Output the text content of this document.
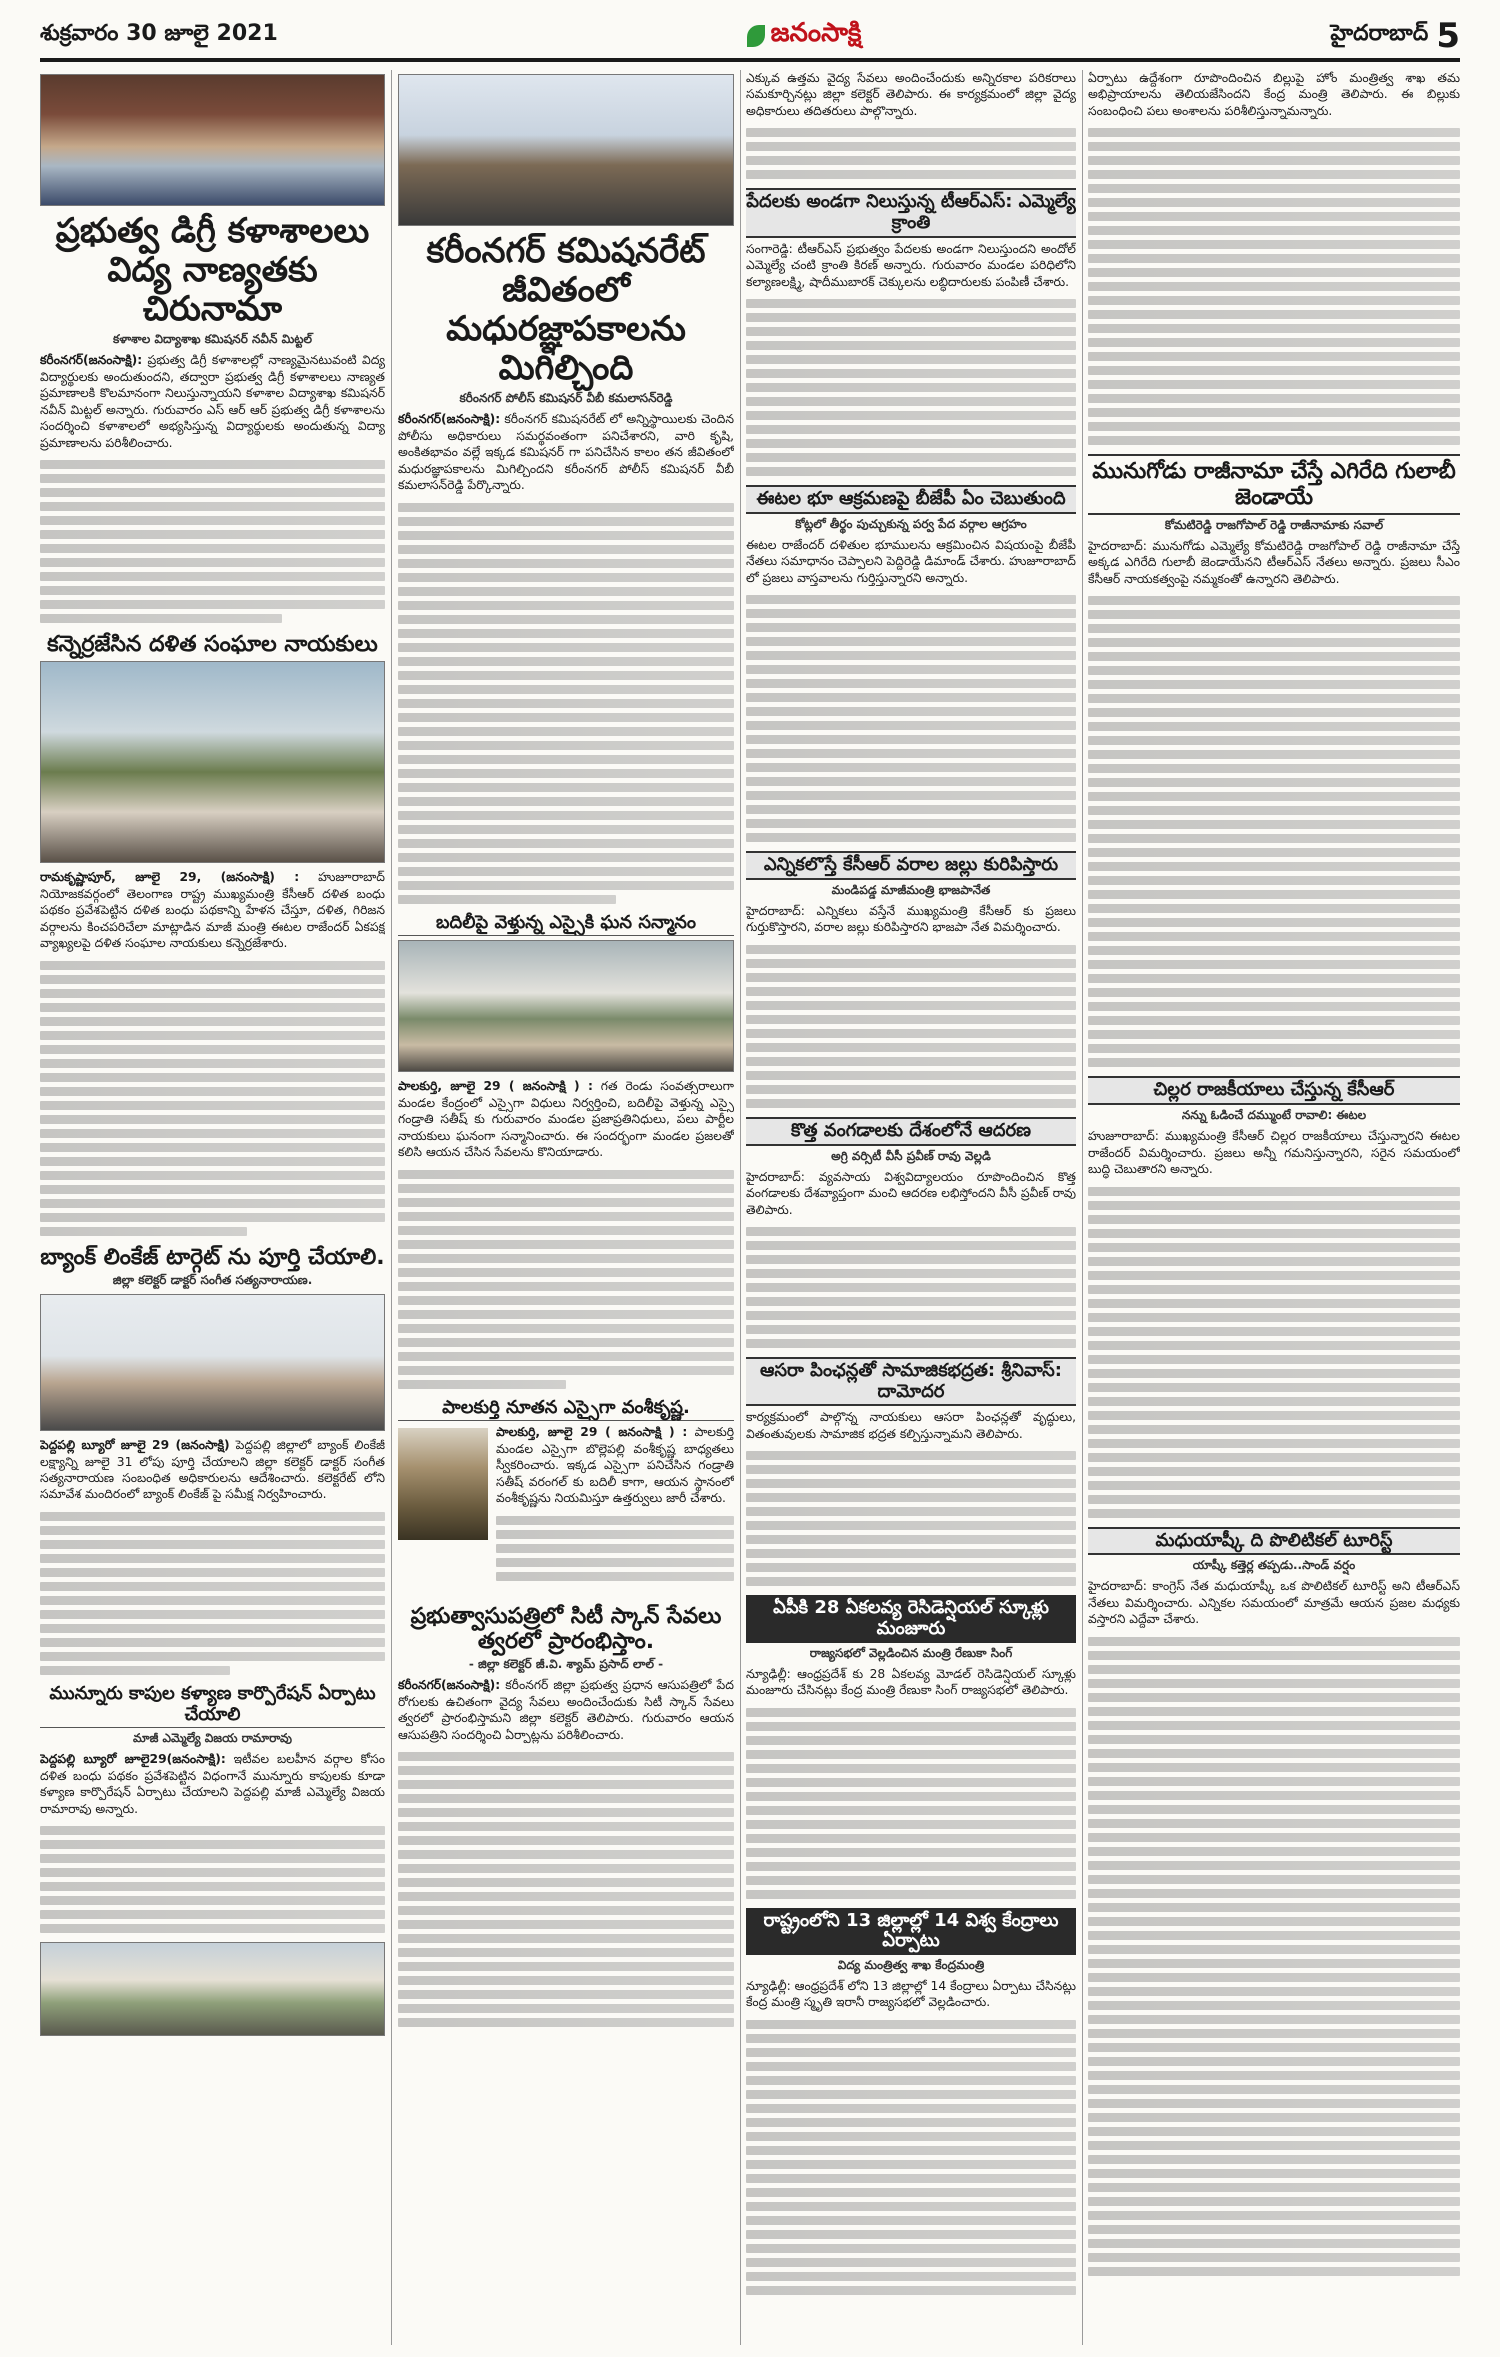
శుక్రవారం 30 జూలై 2021	జనంసాక్షి	హైదరాబాద్ 5
ప్రభుత్వ డిగ్రీ కళాశాలలు విద్య నాణ్యతకు చిరునామా
కళాశాల విద్యాశాఖ కమిషనర్ నవీన్ మిట్టల్

కరీంనగర్(జనంసాక్షి): ప్రభుత్వ డిగ్రీ కళాశాలల్లో నాణ్యమైనటువంటి విద్య విద్యార్థులకు అందుతుందని, తద్వారా ప్రభుత్వ డిగ్రీ కళాశాలలు నాణ్యత ప్రమాణాలకి కొలమానంగా నిలుస్తున్నాయని కళాశాల విద్యాశాఖ కమిషనర్ నవీన్ మిట్టల్ అన్నారు. గురువారం ఎస్ ఆర్ ఆర్ ప్రభుత్వ డిగ్రీ కళాశాలను సందర్శించి కళాశాలలో అభ్యసిస్తున్న విద్యార్థులకు అందుతున్న విద్యా ప్రమాణాలను పరిశీలించారు.

కన్నెర్రజేసిన దళిత సంఘాల నాయకులు

రామకృష్ణాపూర్, జూలై 29, (జనంసాక్షి) : హుజూరాబాద్ నియోజకవర్గంలో తెలంగాణ రాష్ట్ర ముఖ్యమంత్రి కేసీఆర్ దళిత బంధు పథకం ప్రవేశపెట్టిన దళిత బంధు పథకాన్ని హేళన చేస్తూ, దళిత, గిరిజన వర్గాలను కించపరిచేలా మాట్లాడిన మాజీ మంత్రి ఈటల రాజేందర్ ఏకపక్ష వ్యాఖ్యలపై దళిత సంఘాల నాయకులు కన్నెర్రజేశారు.

బ్యాంక్ లింకేజ్ టార్గెట్ ను పూర్తి చేయాలి.
జిల్లా కలెక్టర్ డాక్టర్ సంగీత సత్యనారాయణ.

పెద్దపల్లి బ్యూరో జూలై 29 (జనంసాక్షి) పెద్దపల్లి జిల్లాలో బ్యాంక్ లింకేజీ లక్ష్యాన్ని జూలై 31 లోపు పూర్తి చేయాలని జిల్లా కలెక్టర్ డాక్టర్ సంగీత సత్యనారాయణ సంబంధిత అధికారులను ఆదేశించారు. కలెక్టరేట్ లోని సమావేశ మందిరంలో బ్యాంక్ లింకేజ్ పై సమీక్ష నిర్వహించారు.

మున్నూరు కాపుల కళ్యాణ కార్పొరేషన్ ఏర్పాటు చేయాలి
మాజీ ఎమ్మెల్యే విజయ రామారావు

పెద్దపల్లి బ్యూరో జూలై29(జనంసాక్షి): ఇటీవల బలహీన వర్గాల కోసం దళిత బంధు పథకం ప్రవేశపెట్టిన విధంగానే మున్నూరు కాపులకు కూడా కళ్యాణ కార్పొరేషన్ ఏర్పాటు చేయాలని పెద్దపల్లి మాజీ ఎమ్మెల్యే విజయ రామారావు అన్నారు.

కరీంనగర్ కమిషనరేట్ జీవితంలో మధురజ్ఞాపకాలను మిగిల్చింది
కరీంనగర్ పోలీస్ కమిషనర్ వీబీ కమలాసన్‌రెడ్డి

కరీంనగర్(జనంసాక్షి): కరీంనగర్ కమిషనరేట్ లో అన్నిస్థాయిలకు చెందిన పోలీసు అధికారులు సమర్థవంతంగా పనిచేశారని, వారి కృషి, అంకితభావం వల్లే ఇక్కడ కమిషనర్ గా పనిచేసిన కాలం తన జీవితంలో మధురజ్ఞాపకాలను మిగిల్చిందని కరీంనగర్ పోలీస్ కమిషనర్ వీబీ కమలాసన్‌రెడ్డి పేర్కొన్నారు.

బదిలీపై వెళ్తున్న ఎస్సైకి ఘన సన్మానం

పాలకుర్తి, జూలై 29 ( జనంసాక్షి ) : గత రెండు సంవత్సరాలుగా మండల కేంద్రంలో ఎస్సైగా విధులు నిర్వర్తించి, బదిలీపై వెళ్తున్న ఎస్సై గండ్రాతి సతీష్ కు గురువారం మండల ప్రజాప్రతినిధులు, పలు పార్టీల నాయకులు ఘనంగా సన్మానించారు. ఈ సందర్భంగా మండల ప్రజలతో కలిసి ఆయన చేసిన సేవలను కొనియాడారు.

పాలకుర్తి నూతన ఎస్సైగా వంశీకృష్ణ.

పాలకుర్తి, జూలై 29 ( జనంసాక్షి ) : పాలకుర్తి మండల ఎస్సైగా బొల్లెపల్లి వంశీకృష్ణ బాధ్యతలు స్వీకరించారు. ఇక్కడ ఎస్సైగా పనిచేసిన గండ్రాతి సతీష్ వరంగల్ కు బదిలీ కాగా, ఆయన స్థానంలో వంశీకృష్ణను నియమిస్తూ ఉత్తర్వులు జారీ చేశారు.

ప్రభుత్వాసుపత్రిలో సిటీ స్కాన్ సేవలు త్వరలో ప్రారంభిస్తాం.
- జిల్లా కలెక్టర్ జీ.వి. శ్యామ్ ప్రసాద్ లాల్ -

కరీంనగర్(జనంసాక్షి): కరీంనగర్ జిల్లా ప్రభుత్వ ప్రధాన ఆసుపత్రిలో పేద రోగులకు ఉచితంగా వైద్య సేవలు అందించేందుకు సిటీ స్కాన్ సేవలు త్వరలో ప్రారంభిస్తామని జిల్లా కలెక్టర్ తెలిపారు. గురువారం ఆయన ఆసుపత్రిని సందర్శించి ఏర్పాట్లను పరిశీలించారు.

ఎక్కువ ఉత్తమ వైద్య సేవలు అందించేందుకు అన్నిరకాల పరికరాలు సమకూర్చినట్లు జిల్లా కలెక్టర్ తెలిపారు. ఈ కార్యక్రమంలో జిల్లా వైద్య అధికారులు తదితరులు పాల్గొన్నారు.

పేదలకు అండగా నిలుస్తున్న టీఆర్ఎస్: ఎమ్మెల్యే క్రాంతి

సంగారెడ్డి: టీఆర్ఎస్ ప్రభుత్వం పేదలకు అండగా నిలుస్తుందని అందోల్ ఎమ్మెల్యే చంటి క్రాంతి కిరణ్ అన్నారు. గురువారం మండల పరిధిలోని కల్యాణలక్ష్మి, షాదీముబారక్ చెక్కులను లబ్ధిదారులకు పంపిణీ చేశారు.

ఈటల భూ ఆక్రమణపై బీజేపీ ఏం చెబుతుంది
కోట్లలో తీర్థం పుచ్చుకున్న పర్వ పేద వర్గాల ఆగ్రహం

ఈటల రాజేందర్ దళితుల భూములను ఆక్రమించిన విషయంపై బీజేపీ నేతలు సమాధానం చెప్పాలని పెద్దిరెడ్డి డిమాండ్ చేశారు. హుజూరాబాద్ లో ప్రజలు వాస్తవాలను గుర్తిస్తున్నారని అన్నారు.

ఎన్నికలొస్తే కేసీఆర్ వరాల జల్లు కురిపిస్తారు
మండిపడ్డ మాజీమంత్రి భాజపానేత

హైదరాబాద్: ఎన్నికలు వస్తేనే ముఖ్యమంత్రి కేసీఆర్ కు ప్రజలు గుర్తుకొస్తారని, వరాల జల్లు కురిపిస్తారని భాజపా నేత విమర్శించారు.

కొత్త వంగడాలకు దేశంలోనే ఆదరణ
అగ్రి వర్సిటీ వీసీ ప్రవీణ్ రావు వెల్లడి

హైదరాబాద్: వ్యవసాయ విశ్వవిద్యాలయం రూపొందించిన కొత్త వంగడాలకు దేశవ్యాప్తంగా మంచి ఆదరణ లభిస్తోందని వీసీ ప్రవీణ్ రావు తెలిపారు.

ఆసరా పింఛన్లతో సామాజికభద్రత: శ్రీనివాస్: దామోదర

కార్యక్రమంలో పాల్గొన్న నాయకులు ఆసరా పింఛన్లతో వృద్ధులు, వితంతువులకు సామాజిక భద్రత కల్పిస్తున్నామని తెలిపారు.

ఏపీకి 28 ఏకలవ్య రెసిడెన్షియల్ స్కూళ్లు మంజూరు
రాజ్యసభలో వెల్లడించిన మంత్రి రేణుకా సింగ్

న్యూఢిల్లీ: ఆంధ్రప్రదేశ్ కు 28 ఏకలవ్య మోడల్ రెసిడెన్షియల్ స్కూళ్లు మంజూరు చేసినట్లు కేంద్ర మంత్రి రేణుకా సింగ్ రాజ్యసభలో తెలిపారు.

రాష్ట్రంలోని 13 జిల్లాల్లో 14 విశ్వ కేంద్రాలు ఏర్పాటు
విద్య మంత్రిత్వ శాఖ కేంద్రమంత్రి

న్యూఢిల్లీ: ఆంధ్రప్రదేశ్ లోని 13 జిల్లాల్లో 14 కేంద్రాలు ఏర్పాటు చేసినట్లు కేంద్ర మంత్రి స్మృతి ఇరానీ రాజ్యసభలో వెల్లడించారు.

ఏర్పాటు ఉద్దేశంగా రూపొందించిన బిల్లుపై హోం మంత్రిత్వ శాఖ తమ అభిప్రాయాలను తెలియజేసిందని కేంద్ర మంత్రి తెలిపారు. ఈ బిల్లుకు సంబంధించి పలు అంశాలను పరిశీలిస్తున్నామన్నారు.

మునుగోడు రాజీనామా చేస్తే ఎగిరేది గులాబీ జెండాయే
కోమటిరెడ్డి రాజగోపాల్ రెడ్డి రాజీనామాకు సవాల్

హైదరాబాద్: మునుగోడు ఎమ్మెల్యే కోమటిరెడ్డి రాజగోపాల్ రెడ్డి రాజీనామా చేస్తే అక్కడ ఎగిరేది గులాబీ జెండాయేనని టీఆర్ఎస్ నేతలు అన్నారు. ప్రజలు సీఎం కేసీఆర్ నాయకత్వంపై నమ్మకంతో ఉన్నారని తెలిపారు.

చిల్లర రాజకీయాలు చేస్తున్న కేసీఆర్
నన్ను ఓడించే దమ్ముంటే రావాలి: ఈటల

హుజూరాబాద్: ముఖ్యమంత్రి కేసీఆర్ చిల్లర రాజకీయాలు చేస్తున్నారని ఈటల రాజేందర్ విమర్శించారు. ప్రజలు అన్నీ గమనిస్తున్నారని, సరైన సమయంలో బుద్ధి చెబుతారని అన్నారు.

మధుయాష్కీ ది పొలిటికల్ టూరిస్ట్
యాష్కీ కత్తెర్ల తప్పడు..సాండ్ వర్షం

హైదరాబాద్: కాంగ్రెస్ నేత మధుయాష్కీ ఒక పొలిటికల్ టూరిస్ట్ అని టీఆర్ఎస్ నేతలు విమర్శించారు. ఎన్నికల సమయంలో మాత్రమే ఆయన ప్రజల మధ్యకు వస్తారని ఎద్దేవా చేశారు.
